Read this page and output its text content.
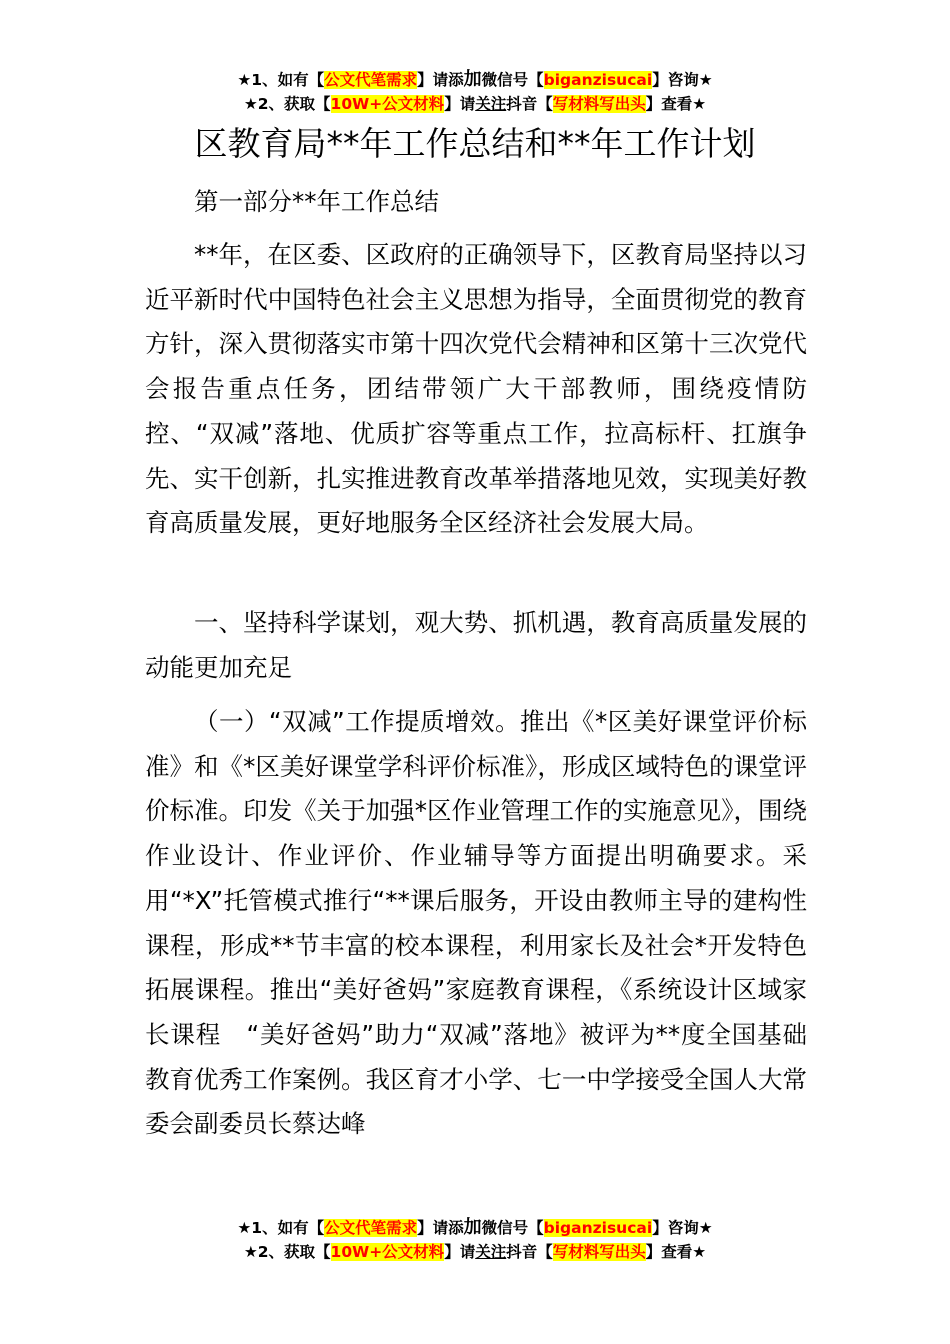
★1、如有【公文代笔需求】请添加微信号【biganzisucai】咨询★
★2、获取【10W+公文材料】请关注抖音【写材料写出头】查看★
区教育局**年工作总结和**年工作计划
第一部分**年工作总结

**年，在区委、区政府的正确领导下，区教育局坚持以习近平新时代中国特色社会主义思想为指导，全面贯彻党的教育方针，深入贯彻落实市第十四次党代会精神和区第十三次党代会报告重点任务，团结带领广大干部教师，围绕疫情防控、“双减”落地、优质扩容等重点工作，拉高标杆、扛旗争先、实干创新，扎实推进教育改革举措落地见效，实现美好教育高质量发展，更好地服务全区经济社会发展大局。

一、坚持科学谋划，观大势、抓机遇，教育高质量发展的动能更加充足

（一）“双减”工作提质增效。推出《*区美好课堂评价标准》和《*区美好课堂学科评价标准》，形成区域特色的课堂评价标准。印发《关于加强*区作业管理工作的实施意见》，围绕作业设计、作业评价、作业辅导等方面提出明确要求。采用“*X”托管模式推行“**课后服务，开设由教师主导的建构性课程，形成**节丰富的校本课程，利用家长及社会*开发特色拓展课程。推出“美好爸妈”家庭教育课程，《系统设计区域家长课程　“美好爸妈”助力“双减”落地》被评为**度全国基础教育优秀工作案例。我区育才小学、七一中学接受全国人大常委会副委员长蔡达峰

★1、如有【公文代笔需求】请添加微信号【biganzisucai】咨询★
★2、获取【10W+公文材料】请关注抖音【写材料写出头】查看★
